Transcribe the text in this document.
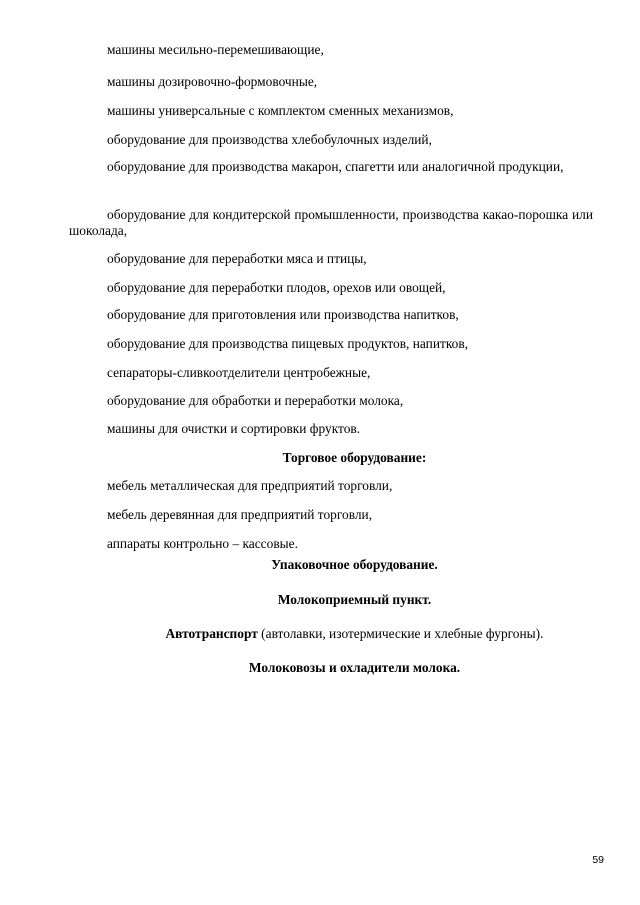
машины месильно-перемешивающие,

машины дозировочно-формовочные,

машины универсальные с комплектом сменных механизмов,

оборудование для производства хлебобулочных изделий,

оборудование для производства макарон, спагетти или аналогичной продукции,

оборудование для кондитерской промышленности, производства какао-порошка или шоколада,

оборудование для переработки мяса и птицы,

оборудование для переработки плодов, орехов или овощей,

оборудование для приготовления или производства напитков,

оборудование для производства пищевых продуктов, напитков,

сепараторы-сливкоотделители центробежные,

оборудование для обработки и переработки молока,

машины для очистки и сортировки фруктов.

Торговое оборудование:

мебель металлическая для предприятий торговли,

мебель деревянная для предприятий торговли,

аппараты контрольно – кассовые.

Упаковочное оборудование.

Молокоприемный пункт.

Автотранспорт (автолавки, изотермические и хлебные фургоны).

Молоковозы и охладители молока.

59
